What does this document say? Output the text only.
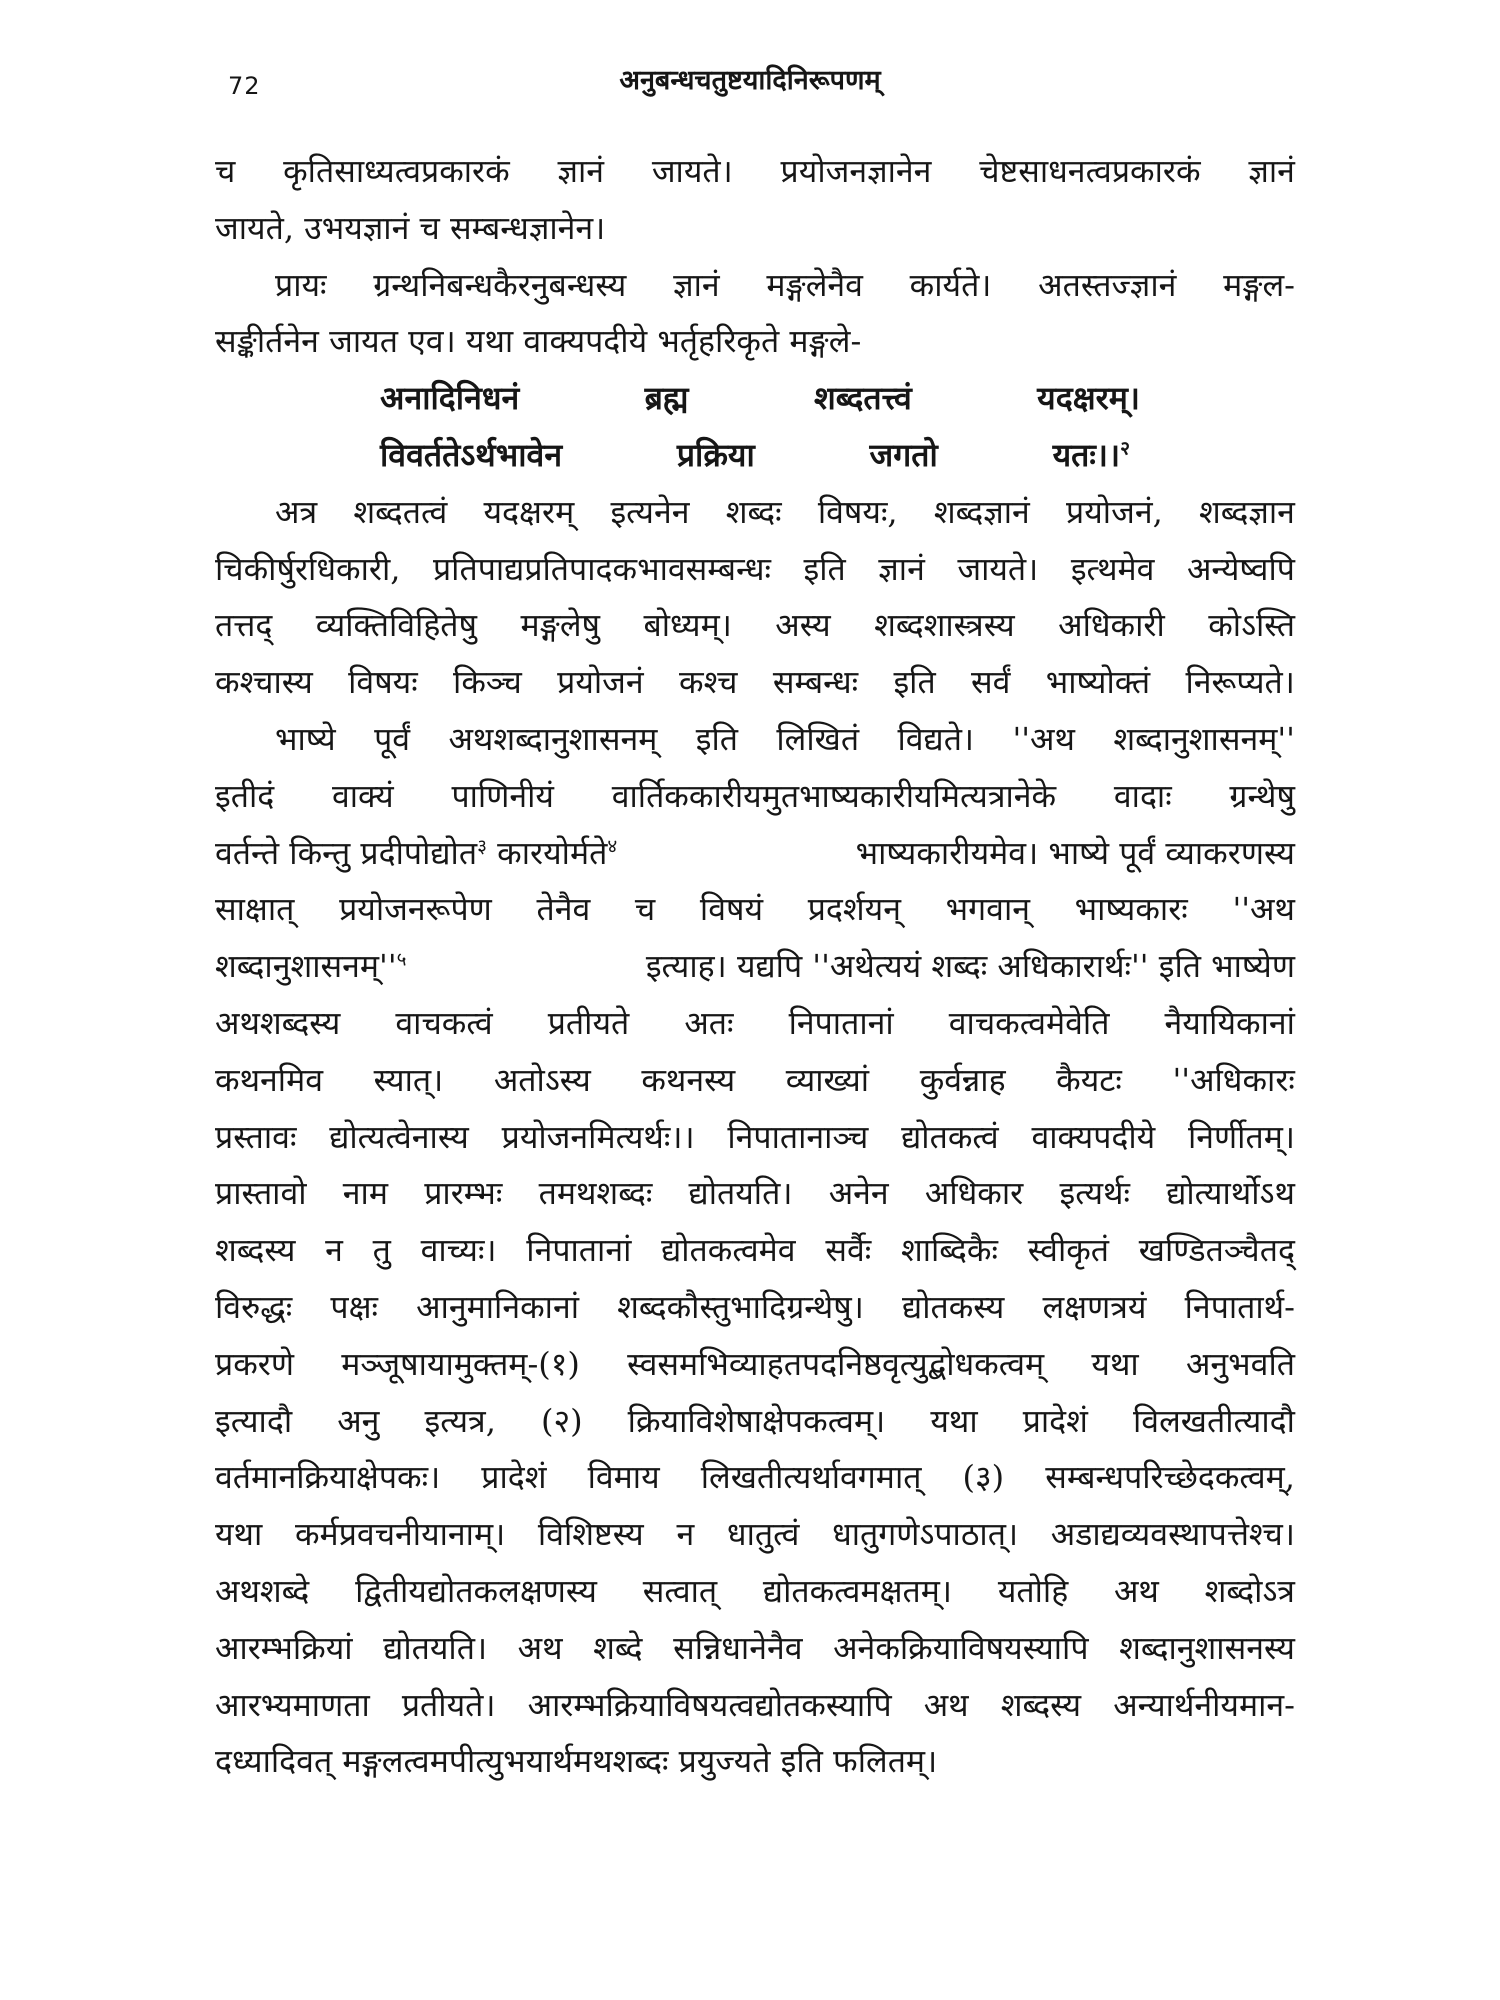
72	अनुबन्धचतुष्टयादिनिरूपणम्
च कृतिसाध्यत्वप्रकारकं ज्ञानं जायते। प्रयोजनज्ञानेन चेष्टसाधनत्वप्रकारकं ज्ञानं
जायते, उभयज्ञानं च सम्बन्धज्ञानेन।
प्रायः ग्रन्थनिबन्धकैरनुबन्धस्य ज्ञानं मङ्गलेनैव कार्यते। अतस्तज्ज्ञानं मङ्गल-
सङ्कीर्तनेन जायत एव। यथा वाक्यपदीये भर्तृहरिकृते मङ्गले-
अनादिनिधनं	ब्रह्म	शब्दतत्त्वं	यदक्षरम्।
विवर्ततेऽर्थभावेन	प्रक्रिया	जगतो	यतः।।$^२$
अत्र शब्दतत्वं यदक्षरम् इत्यनेन शब्दः विषयः, शब्दज्ञानं प्रयोजनं, शब्दज्ञान
चिकीर्षुरधिकारी, प्रतिपाद्यप्रतिपादकभावसम्बन्धः इति ज्ञानं जायते। इत्थमेव अन्येष्वपि
तत्तद् व्यक्तिविहितेषु मङ्गलेषु बोध्यम्। अस्य शब्दशास्त्रस्य अधिकारी कोऽस्ति
कश्चास्य विषयः किञ्च प्रयोजनं कश्च सम्बन्धः इति सर्वं भाष्योक्तं निरूप्यते।
भाष्ये पूर्वं अथशब्दानुशासनम् इति लिखितं विद्यते। ''अथ शब्दानुशासनम्''
इतीदं वाक्यं पाणिनीयं वार्तिककारीयमुतभाष्यकारीयमित्यत्रानेके वादाः ग्रन्थेषु
वर्तन्ते किन्तु प्रदीपोद्योत$^३$ कारयोर्मते$^४$	भाष्यकारीयमेव। भाष्ये पूर्वं व्याकरणस्य
साक्षात् प्रयोजनरूपेण तेनैव च विषयं प्रदर्शयन् भगवान् भाष्यकारः ''अथ
$शब्दानुशासनम्''^५$	इत्याह। यद्यपि ''अथेत्ययं शब्दः अधिकारार्थः'' इति भाष्येण
अथशब्दस्य वाचकत्वं प्रतीयते अतः निपातानां वाचकत्वमेवेति नैयायिकानां
कथनमिव स्यात्। अतोऽस्य कथनस्य व्याख्यां कुर्वन्नाह कैयटः ''अधिकारः
प्रस्तावः द्योत्यत्वेनास्य प्रयोजनमित्यर्थः।। निपातानाञ्च द्योतकत्वं वाक्यपदीये निर्णीतम्।
प्रास्तावो नाम प्रारम्भः तमथशब्दः द्योतयति। अनेन अधिकार इत्यर्थः द्योत्यार्थोऽथ
शब्दस्य न तु वाच्यः। निपातानां द्योतकत्वमेव सर्वैः शाब्दिकैः स्वीकृतं खण्डितञ्चैतद्
विरुद्धः पक्षः आनुमानिकानां शब्दकौस्तुभादिग्रन्थेषु। द्योतकस्य लक्षणत्रयं निपातार्थ-
प्रकरणे मञ्जूषायामुक्तम्-(१) स्वसमभिव्याहतपदनिष्ठवृत्युद्बोधकत्वम् यथा अनुभवति
इत्यादौ अनु इत्यत्र, (२) क्रियाविशेषाक्षेपकत्वम्। यथा प्रादेशं विलखतीत्यादौ
वर्तमानक्रियाक्षेपकः। प्रादेशं विमाय लिखतीत्यर्थावगमात् (३) सम्बन्धपरिच्छेदकत्वम्,
यथा कर्मप्रवचनीयानाम्। विशिष्टस्य न धातुत्वं धातुगणेऽपाठात्। अडाद्यव्यवस्थापत्तेश्च।
अथशब्दे द्वितीयद्योतकलक्षणस्य सत्वात् द्योतकत्वमक्षतम्। यतोहि अथ शब्दोऽत्र
आरम्भक्रियां द्योतयति। अथ शब्दे सन्निधानेनैव अनेकक्रियाविषयस्यापि शब्दानुशासनस्य
आरभ्यमाणता प्रतीयते। आरम्भक्रियाविषयत्वद्योतकस्यापि अथ शब्दस्य अन्यार्थनीयमान-
दध्यादिवत् मङ्गलत्वमपीत्युभयार्थमथशब्दः प्रयुज्यते इति फलितम्।
